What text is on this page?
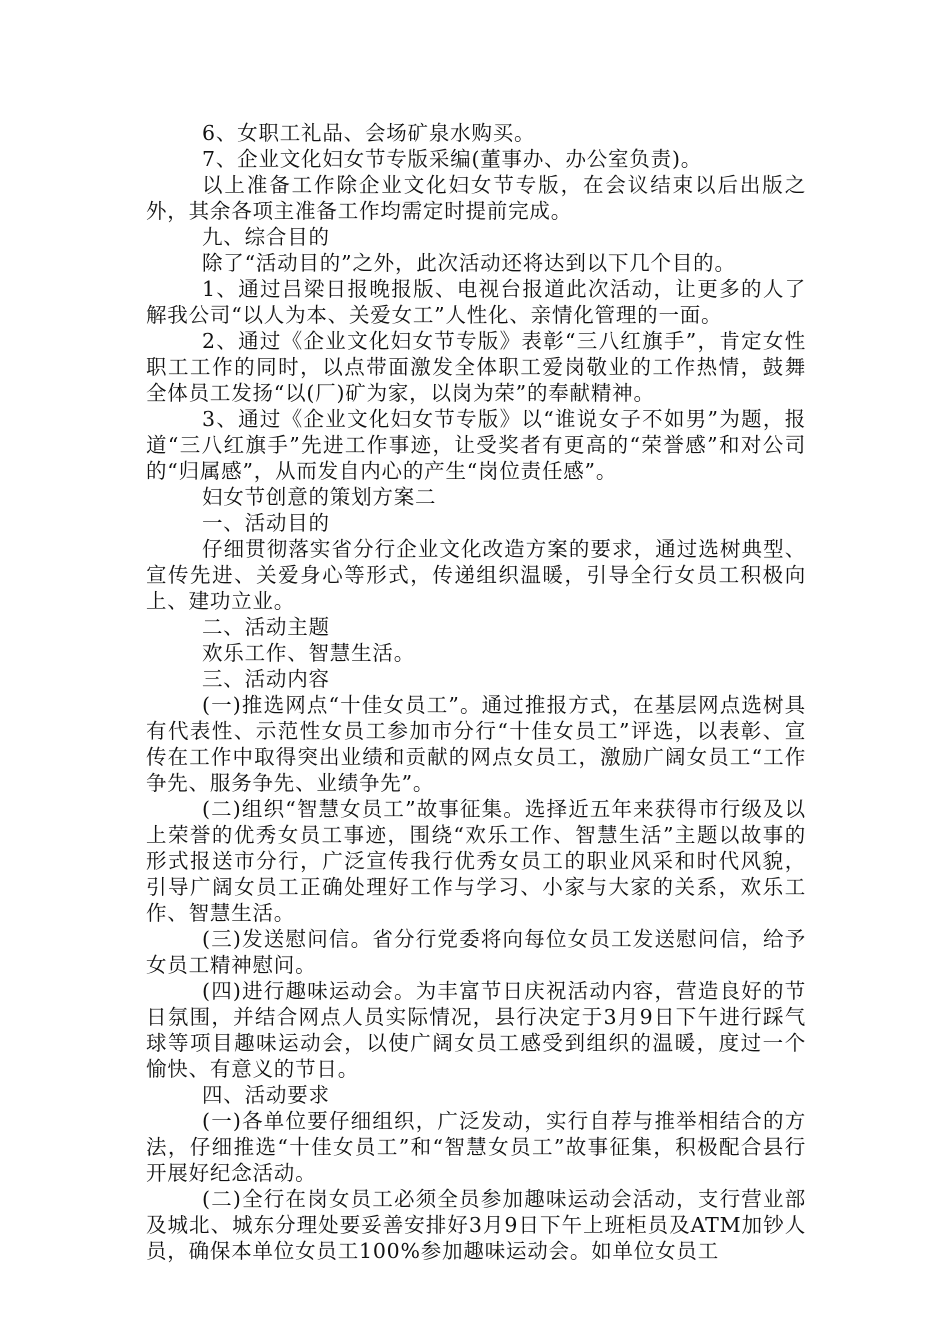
6、女职工礼品、会场矿泉水购买。

7、企业文化妇女节专版采编(董事办、办公室负责)。

以上准备工作除企业文化妇女节专版，在会议结束以后出版之外，其余各项主准备工作均需定时提前完成。

九、综合目的

除了“活动目的”之外，此次活动还将达到以下几个目的。

1、通过吕梁日报晚报版、电视台报道此次活动，让更多的人了解我公司“以人为本、关爱女工”人性化、亲情化管理的一面。

2、通过《企业文化妇女节专版》表彰“三八红旗手”，肯定女性职工工作的同时，以点带面激发全体职工爱岗敬业的工作热情，鼓舞全体员工发扬“以(厂)矿为家，以岗为荣”的奉献精神。

3、通过《企业文化妇女节专版》以“谁说女子不如男”为题，报道“三八红旗手”先进工作事迹，让受奖者有更高的“荣誉感”和对公司的“归属感”，从而发自内心的产生“岗位责任感”。

妇女节创意的策划方案二

一、活动目的

仔细贯彻落实省分行企业文化改造方案的要求，通过选树典型、宣传先进、关爱身心等形式，传递组织温暖，引导全行女员工积极向上、建功立业。

二、活动主题

欢乐工作、智慧生活。

三、活动内容

(一)推选网点“十佳女员工”。通过推报方式，在基层网点选树具有代表性、示范性女员工参加市分行“十佳女员工”评选，以表彰、宣传在工作中取得突出业绩和贡献的网点女员工，激励广阔女员工“工作争先、服务争先、业绩争先”。

(二)组织“智慧女员工”故事征集。选择近五年来获得市行级及以上荣誉的优秀女员工事迹，围绕“欢乐工作、智慧生活”主题以故事的形式报送市分行，广泛宣传我行优秀女员工的职业风采和时代风貌，引导广阔女员工正确处理好工作与学习、小家与大家的关系，欢乐工作、智慧生活。

(三)发送慰问信。省分行党委将向每位女员工发送慰问信，给予女员工精神慰问。

(四)进行趣味运动会。为丰富节日庆祝活动内容，营造良好的节日氛围，并结合网点人员实际情况，县行决定于3月9日下午进行踩气球等项目趣味运动会，以使广阔女员工感受到组织的温暖，度过一个愉快、有意义的节日。

四、活动要求

(一)各单位要仔细组织，广泛发动，实行自荐与推举相结合的方法，仔细推选“十佳女员工”和“智慧女员工”故事征集，积极配合县行开展好纪念活动。

(二)全行在岗女员工必须全员参加趣味运动会活动，支行营业部及城北、城东分理处要妥善安排好3月9日下午上班柜员及ATM加钞人员，确保本单位女员工100%参加趣味运动会。如单位女员工
